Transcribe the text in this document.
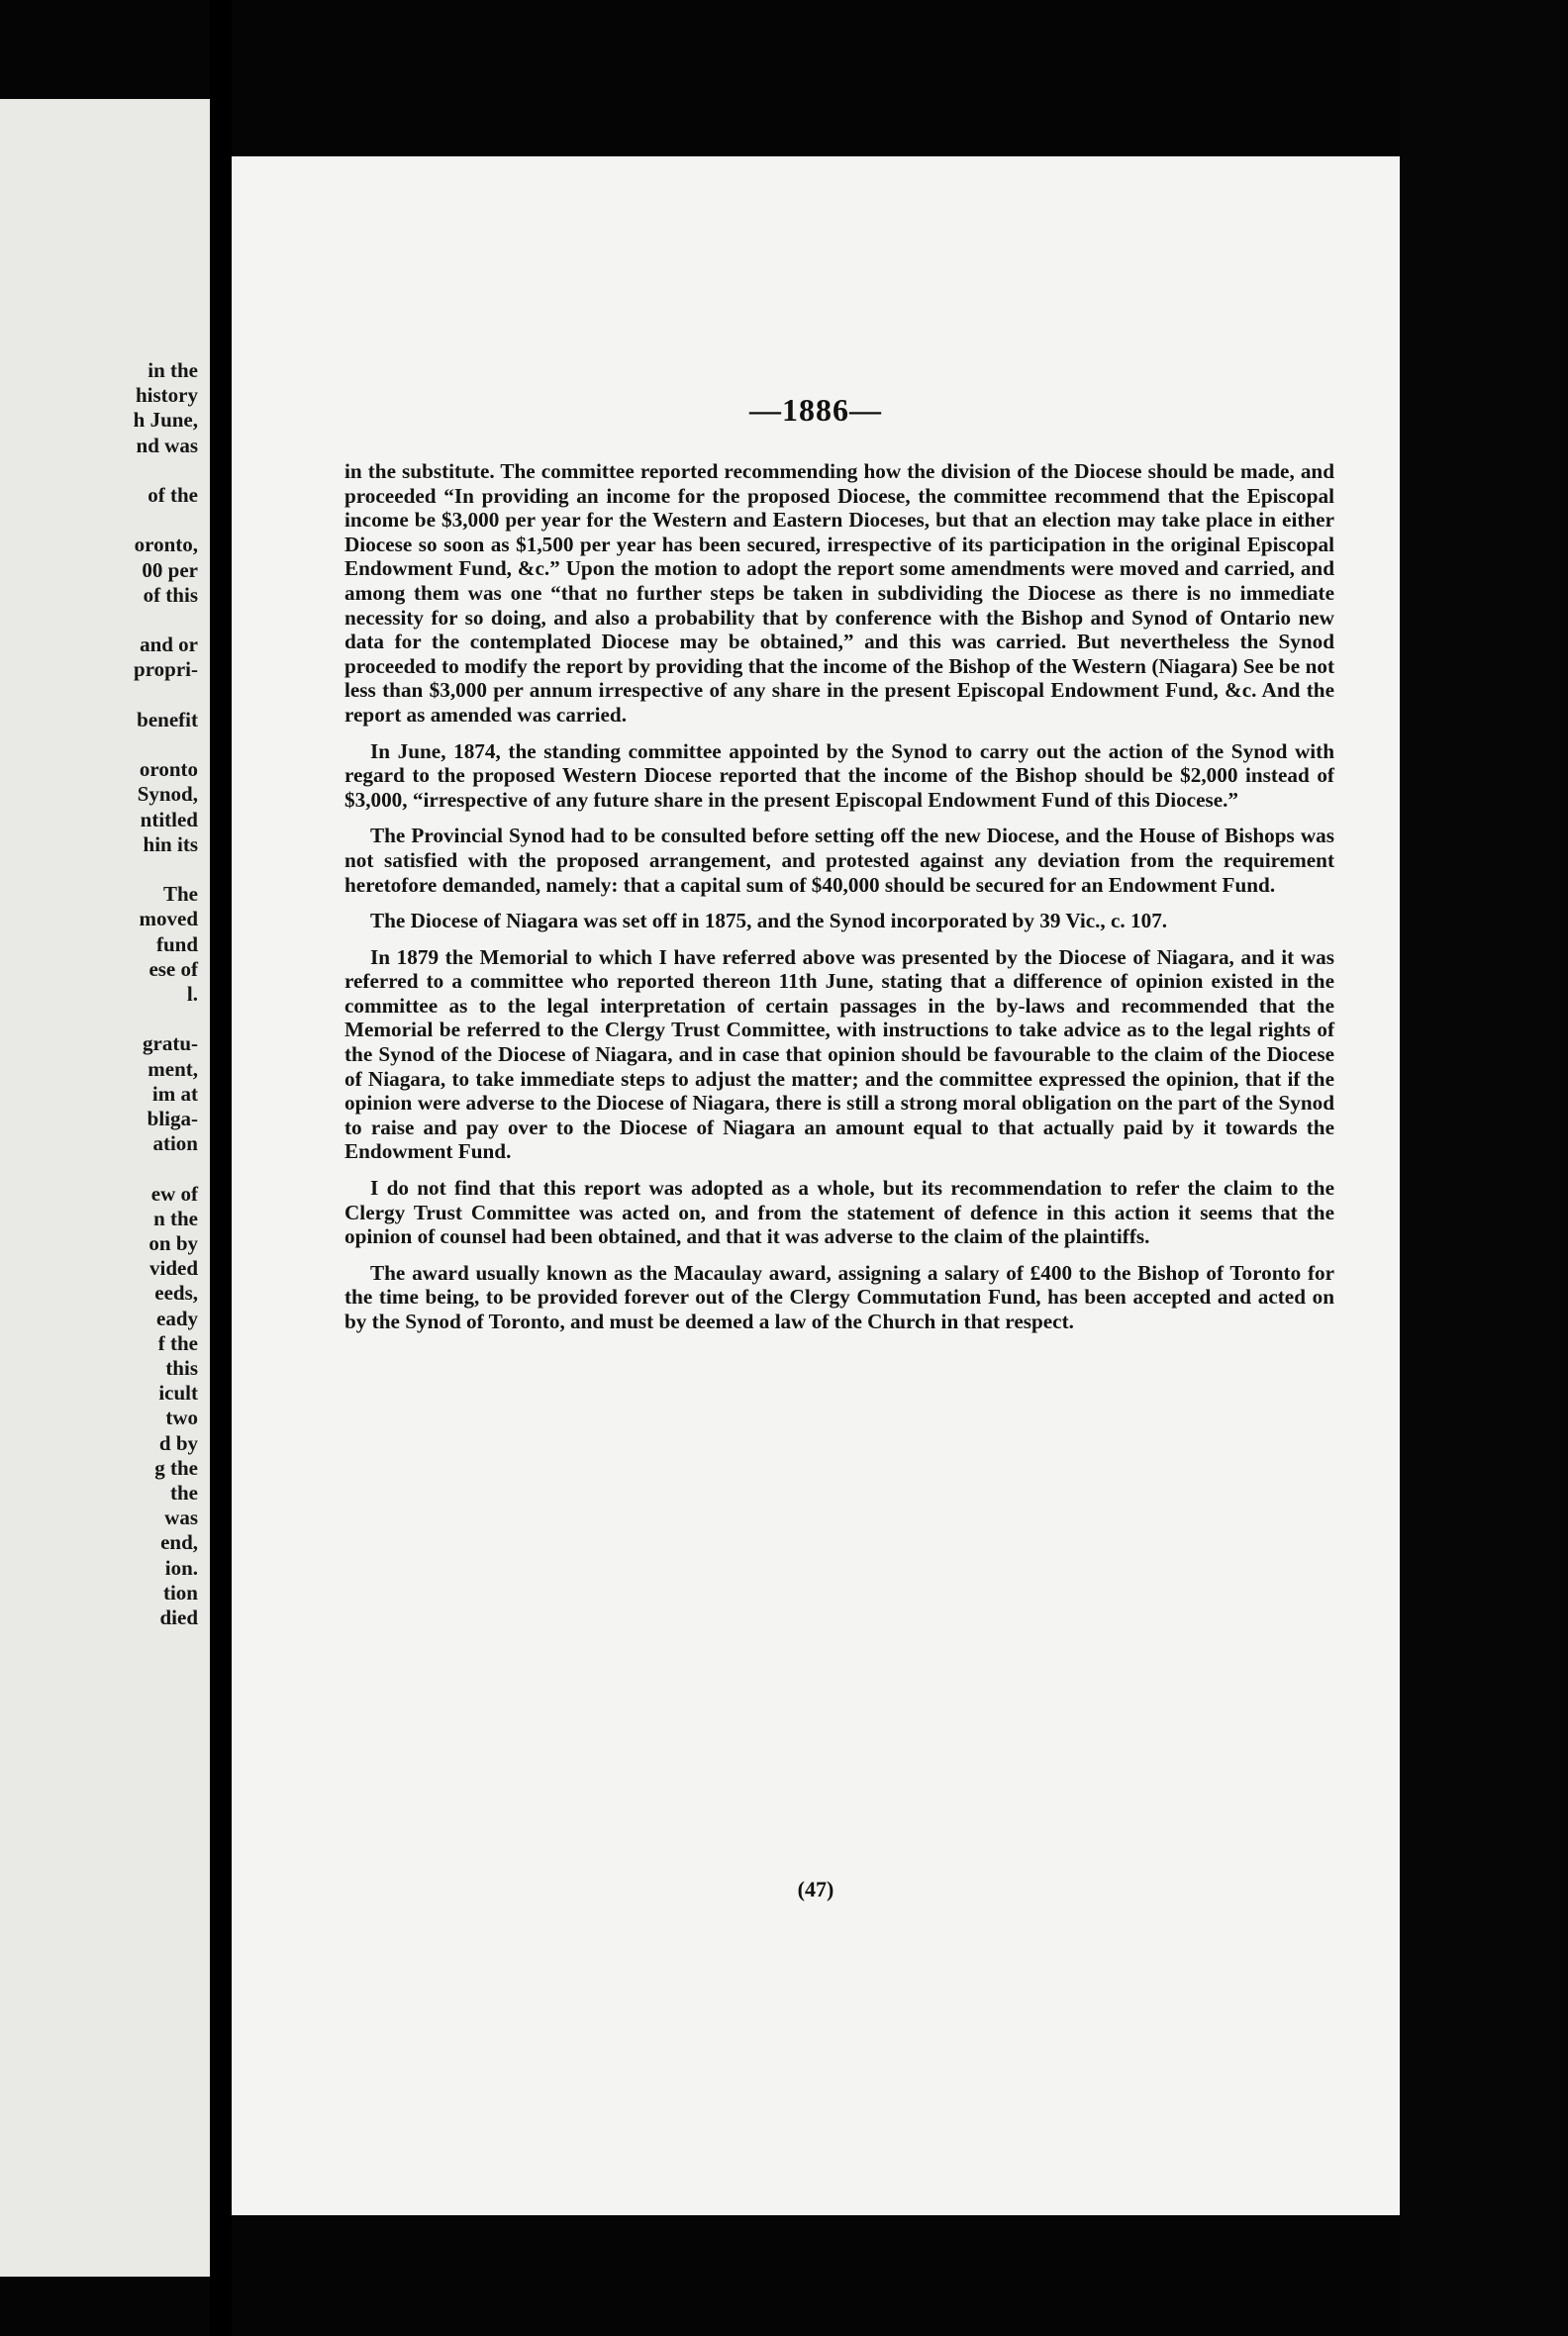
in the
history
h June,
nd was
of the
oronto,
00 per
of this
and or
propri-
benefit
oronto
Synod,
ntitled
hin its
The
moved
fund
ese of
l.
gratu-
ment,
im at
bliga-
ation
ew of
n the
on by
vided
eeds,
eady
f the
this
icult
two
d by
g the
the
was
end,
ion.
tion
died
—1886—

in the substitute. The committee reported recommending how the division of the Diocese should be made, and proceeded “In providing an income for the proposed Diocese, the committee recommend that the Episcopal income be $3,000 per year for the Western and Eastern Dioceses, but that an election may take place in either Diocese so soon as $1,500 per year has been secured, irrespective of its participation in the original Episcopal Endowment Fund, &c.” Upon the motion to adopt the report some amendments were moved and carried, and among them was one “that no further steps be taken in subdividing the Diocese as there is no immediate necessity for so doing, and also a probability that by conference with the Bishop and Synod of Ontario new data for the contemplated Diocese may be obtained,” and this was carried. But nevertheless the Synod proceeded to modify the report by providing that the income of the Bishop of the Western (Niagara) See be not less than $3,000 per annum irrespective of any share in the present Episcopal Endowment Fund, &c. And the report as amended was carried.

In June, 1874, the standing committee appointed by the Synod to carry out the action of the Synod with regard to the proposed Western Diocese reported that the income of the Bishop should be $2,000 instead of $3,000, “irrespective of any future share in the present Episcopal Endowment Fund of this Diocese.”

The Provincial Synod had to be consulted before setting off the new Diocese, and the House of Bishops was not satisfied with the proposed arrangement, and protested against any deviation from the requirement heretofore demanded, namely: that a capital sum of $40,000 should be secured for an Endowment Fund.

The Diocese of Niagara was set off in 1875, and the Synod incorporated by 39 Vic., c. 107.

In 1879 the Memorial to which I have referred above was presented by the Diocese of Niagara, and it was referred to a committee who reported thereon 11th June, stating that a difference of opinion existed in the committee as to the legal interpretation of certain passages in the by-laws and recommended that the Memorial be referred to the Clergy Trust Committee, with instructions to take advice as to the legal rights of the Synod of the Diocese of Niagara, and in case that opinion should be favourable to the claim of the Diocese of Niagara, to take immediate steps to adjust the matter; and the committee expressed the opinion, that if the opinion were adverse to the Diocese of Niagara, there is still a strong moral obligation on the part of the Synod to raise and pay over to the Diocese of Niagara an amount equal to that actually paid by it towards the Endowment Fund.

I do not find that this report was adopted as a whole, but its recommendation to refer the claim to the Clergy Trust Committee was acted on, and from the statement of defence in this action it seems that the opinion of counsel had been obtained, and that it was adverse to the claim of the plaintiffs.

The award usually known as the Macaulay award, assigning a salary of £400 to the Bishop of Toronto for the time being, to be provided forever out of the Clergy Commutation Fund, has been accepted and acted on by the Synod of Toronto, and must be deemed a law of the Church in that respect.

(47)
